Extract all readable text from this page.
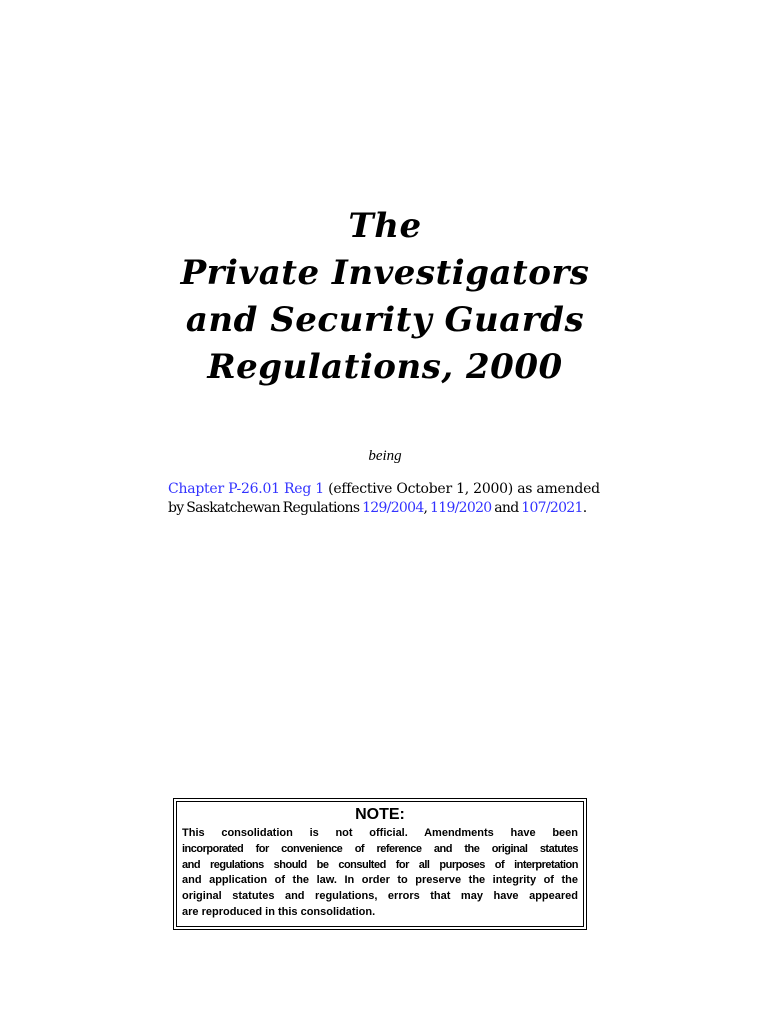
The
Private Investigators
and Security Guards
Regulations, 2000
being
Chapter P-26.01 Reg 1 (effective October 1, 2000) as amended
by Saskatchewan Regulations 129/2004, 119/2020 and 107/2021.
NOTE:
This consolidation is not official. Amendments have been
incorporated for convenience of reference and the original statutes
and regulations should be consulted for all purposes of interpretation
and application of the law. In order to preserve the integrity of the
original statutes and regulations, errors that may have appeared
are reproduced in this consolidation.
